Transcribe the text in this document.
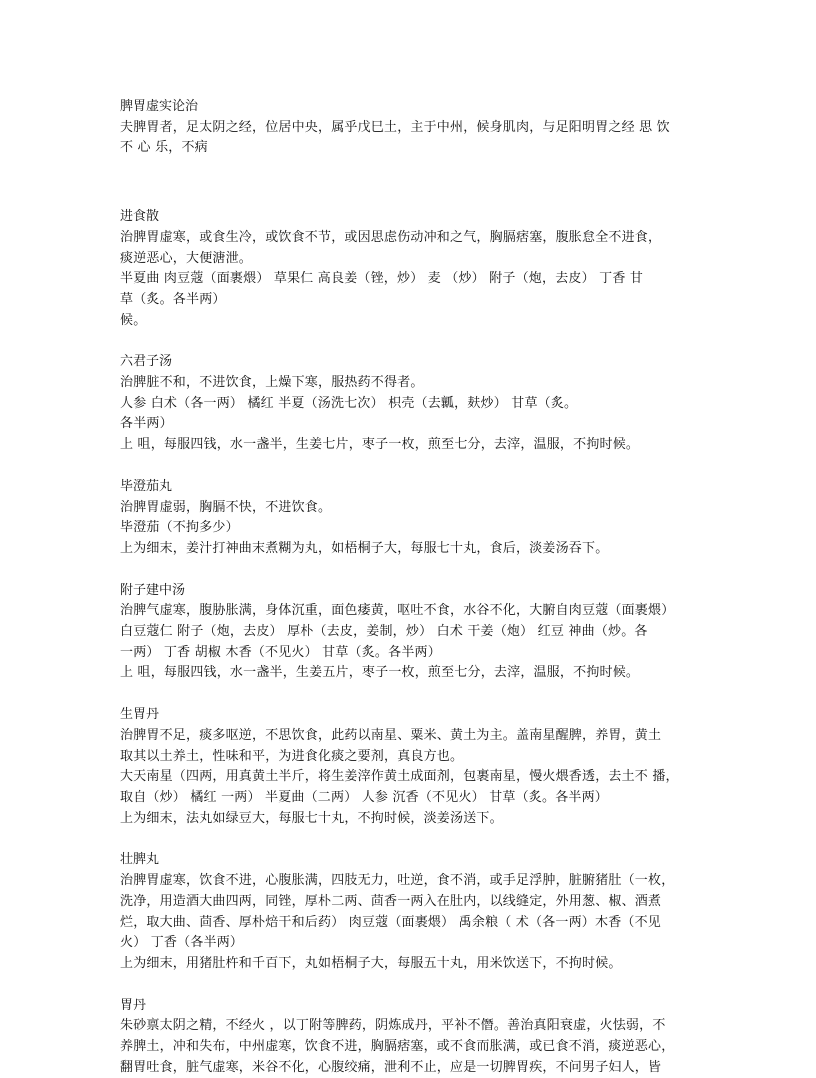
脾胃虚实论治
夫脾胃者，足太阴之经，位居中央，属乎戊巳土，主于中州，候身肌肉，与足阳明胃之经 思 饮
不 心 乐，不病
进食散
治脾胃虚寒，或食生冷，或饮食不节，或因思虑伤动冲和之气，胸膈痞塞，腹胀怠全不进食，
痰逆恶心，大便溏泄。
半夏曲 肉豆蔻（面裹煨） 草果仁 高良姜（锉，炒） 麦 （炒） 附子（炮，去皮） 丁香 甘
草（炙。各半两）
候。
六君子汤
治脾脏不和，不进饮食，上燥下寒，服热药不得者。
人参 白术（各一两） 橘红 半夏（汤洗七次） 枳壳（去瓤，麸炒） 甘草（炙。
各半两）
上 咀，每服四钱，水一盏半，生姜七片，枣子一枚，煎至七分，去滓，温服，不拘时候。
毕澄茄丸
治脾胃虚弱，胸膈不快，不进饮食。
毕澄茄（不拘多少）
上为细末，姜汁打神曲末煮糊为丸，如梧桐子大，每服七十丸，食后，淡姜汤吞下。
附子建中汤
治脾气虚寒，腹胁胀满，身体沉重，面色痿黄，呕吐不食，水谷不化，大腑自肉豆蔻（面裹煨）
白豆蔻仁 附子（炮，去皮） 厚朴（去皮，姜制，炒） 白术 干姜（炮） 红豆 神曲（炒。各
一两） 丁香 胡椒 木香（不见火） 甘草（炙。各半两）
上 咀，每服四钱，水一盏半，生姜五片，枣子一枚，煎至七分，去滓，温服，不拘时候。
生胃丹
治脾胃不足，痰多呕逆，不思饮食，此药以南星、粟米、黄土为主。盖南星醒脾，养胃，黄土
取其以土养土，性味和平，为进食化痰之要剂，真良方也。
大天南星（四两，用真黄土半斤，将生姜滓作黄土成面剂，包裹南星，慢火煨香透，去土不 播，
取自（炒） 橘红 一两） 半夏曲（二两） 人参 沉香（不见火） 甘草（炙。各半两）
上为细末，法丸如绿豆大，每服七十丸，不拘时候，淡姜汤送下。
壮脾丸
治脾胃虚寒，饮食不进，心腹胀满，四肢无力，吐逆，食不消，或手足浮肿，脏腑猪肚（一枚，
洗净，用造酒大曲四两，同锉，厚朴二两、茴香一两入在肚内，以线缝定，外用葱、椒、酒煮
烂，取大曲、茴香、厚朴焙干和后药） 肉豆蔻（面裹煨） 禹余粮（ 术（各一两）木香（不见
火） 丁香（各半两）
上为细末，用猪肚杵和千百下，丸如梧桐子大，每服五十丸，用米饮送下，不拘时候。
胃丹
朱砂禀太阴之精，不经火 ，以丁附等脾药，阴炼成丹，平补不僭。善治真阳衰虚，火怯弱，不
养脾土，冲和失布，中州虚寒，饮食不进，胸膈痞塞，或不食而胀满，或已食不消，痰逆恶心，
翻胃吐食，脏气虚寒，米谷不化，心腹绞痛，泄利不止，应是一切脾胃疾，不问男子妇人，皆
